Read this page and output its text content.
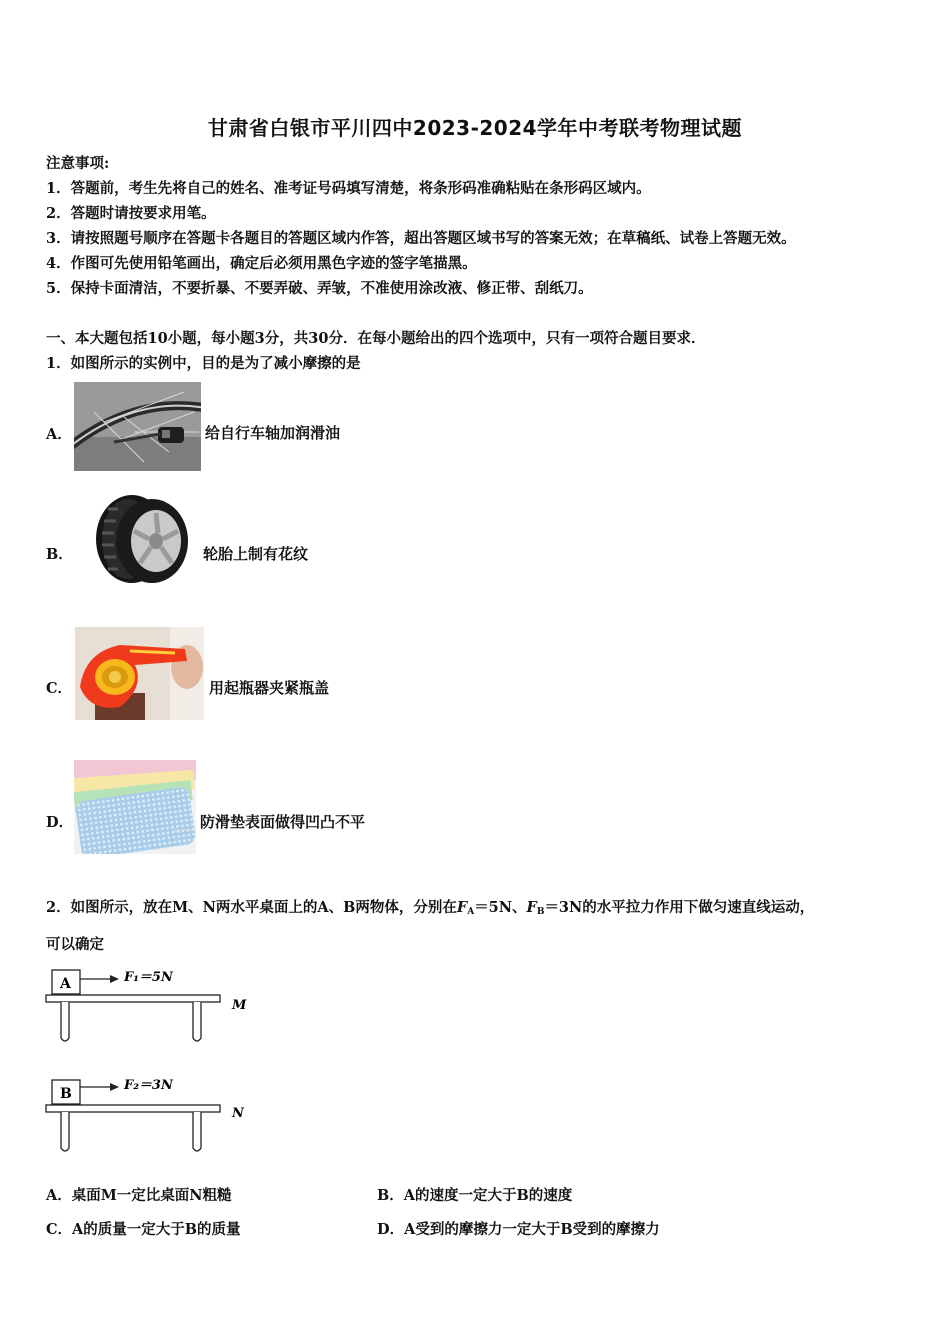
甘肃省白银市平川四中2023-2024学年中考联考物理试题
注意事项:
1．答题前，考生先将自己的姓名、准考证号码填写清楚，将条形码准确粘贴在条形码区域内。
2．答题时请按要求用笔。
3．请按照题号顺序在答题卡各题目的答题区域内作答，超出答题区域书写的答案无效；在草稿纸、试卷上答题无效。
4．作图可先使用铅笔画出，确定后必须用黑色字迹的签字笔描黑。
5．保持卡面清洁，不要折暴、不要弄破、弄皱，不准使用涂改液、修正带、刮纸刀。
一、本大题包括10小题，每小题3分，共30分．在每小题给出的四个选项中，只有一项符合题目要求．
1．如图所示的实例中，目的是为了减小摩擦的是
A．	给自行车轴加润滑油
B．	轮胎上制有花纹
C．	用起瓶器夹紧瓶盖
D．	防滑垫表面做得凹凸不平
2．如图所示，放在M、N两水平桌面上的A、B两物体，分别在$F_A=5N$、$F_B=3N$的水平拉力作用下做匀速直线运动，
可以确定
A	F₁＝5N
M
B
F₂＝3N
N
A．桌面M一定比桌面N粗糙	B．A的速度一定大于B的速度
C．A的质量一定大于B的质量	D．A受到的摩擦力一定大于B受到的摩擦力
